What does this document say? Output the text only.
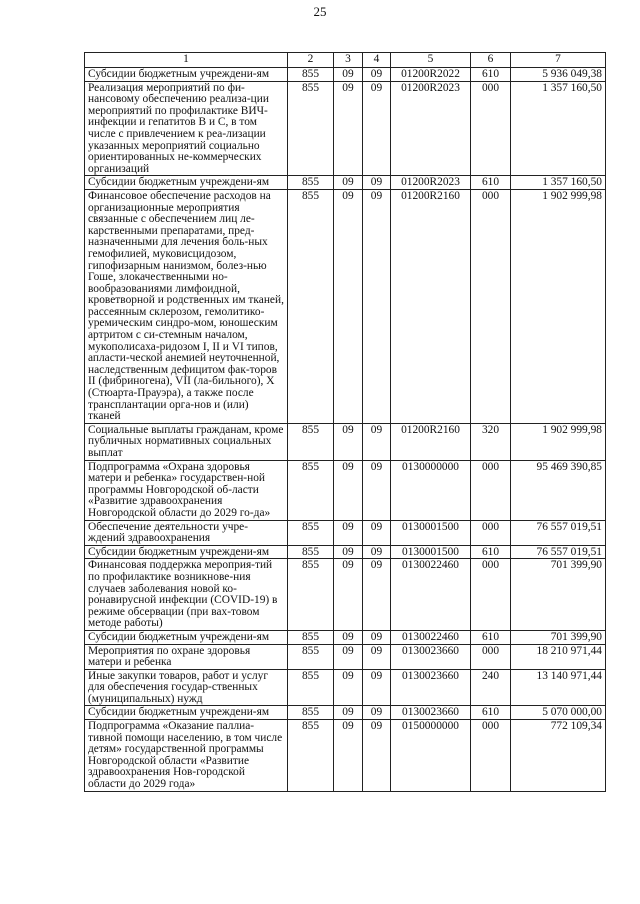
25
1	2	3	4	5	6	7
Субсидии бюджетным учреждени-ям	855	09	09	01200R2022	610	5 936 049,38
Реализация мероприятий по фи-нансовому обеспечению реализа-ции мероприятий по профилактике ВИЧ-инфекции и гепатитов В и С, в том числе с привлечением к реа-лизации указанных мероприятий социально ориентированных не-коммерческих организаций	855	09	09	01200R2023	000	1 357 160,50
Субсидии бюджетным учреждени-ям	855	09	09	01200R2023	610	1 357 160,50
Финансовое обеспечение расходов на организационные мероприятия связанные с обеспечением лиц ле-карственными препаратами, пред-назначенными для лечения боль-ных гемофилией, муковисцидозом, гипофизарным нанизмом, болез-нью Гоше, злокачественными но-вообразованиями лимфоидной, кроветворной и родственных им тканей, рассеянным склерозом, гемолитико-уремическим синдро-мом, юношеским артритом с си-стемным началом, мукополисаха-ридозом I, II и VI типов, апласти-ческой анемией неуточненной, наследственным дефицитом фак-торов II (фибриногена), VII (ла-бильного), X (Стюарта-Прауэра), а также после трансплантации орга-нов и (или) тканей	855	09	09	01200R2160	000	1 902 999,98
Социальные выплаты гражданам, кроме публичных нормативных социальных выплат	855	09	09	01200R2160	320	1 902 999,98
Подпрограмма «Охрана здоровья матери и ребенка» государствен-ной программы Новгородской об-ласти «Развитие здравоохранения Новгородской области до 2029 го-да»	855	09	09	0130000000	000	95 469 390,85
Обеспечение деятельности учре-ждений здравоохранения	855	09	09	0130001500	000	76 557 019,51
Субсидии бюджетным учреждени-ям	855	09	09	0130001500	610	76 557 019,51
Финансовая поддержка мероприя-тий по профилактике возникнове-ния случаев заболевания новой ко-ронавирусной инфекции (COVID-19) в режиме обсервации (при вах-товом методе работы)	855	09	09	0130022460	000	701 399,90
Субсидии бюджетным учреждени-ям	855	09	09	0130022460	610	701 399,90
Мероприятия по охране здоровья матери и ребенка	855	09	09	0130023660	000	18 210 971,44
Иные закупки товаров, работ и услуг для обеспечения государ-ственных (муниципальных) нужд	855	09	09	0130023660	240	13 140 971,44
Субсидии бюджетным учреждени-ям	855	09	09	0130023660	610	5 070 000,00
Подпрограмма «Оказание паллиа-тивной помощи населению, в том числе детям» государственной программы Новгородской области «Развитие здравоохранения Нов-городской области до 2029 года»	855	09	09	0150000000	000	772 109,34
